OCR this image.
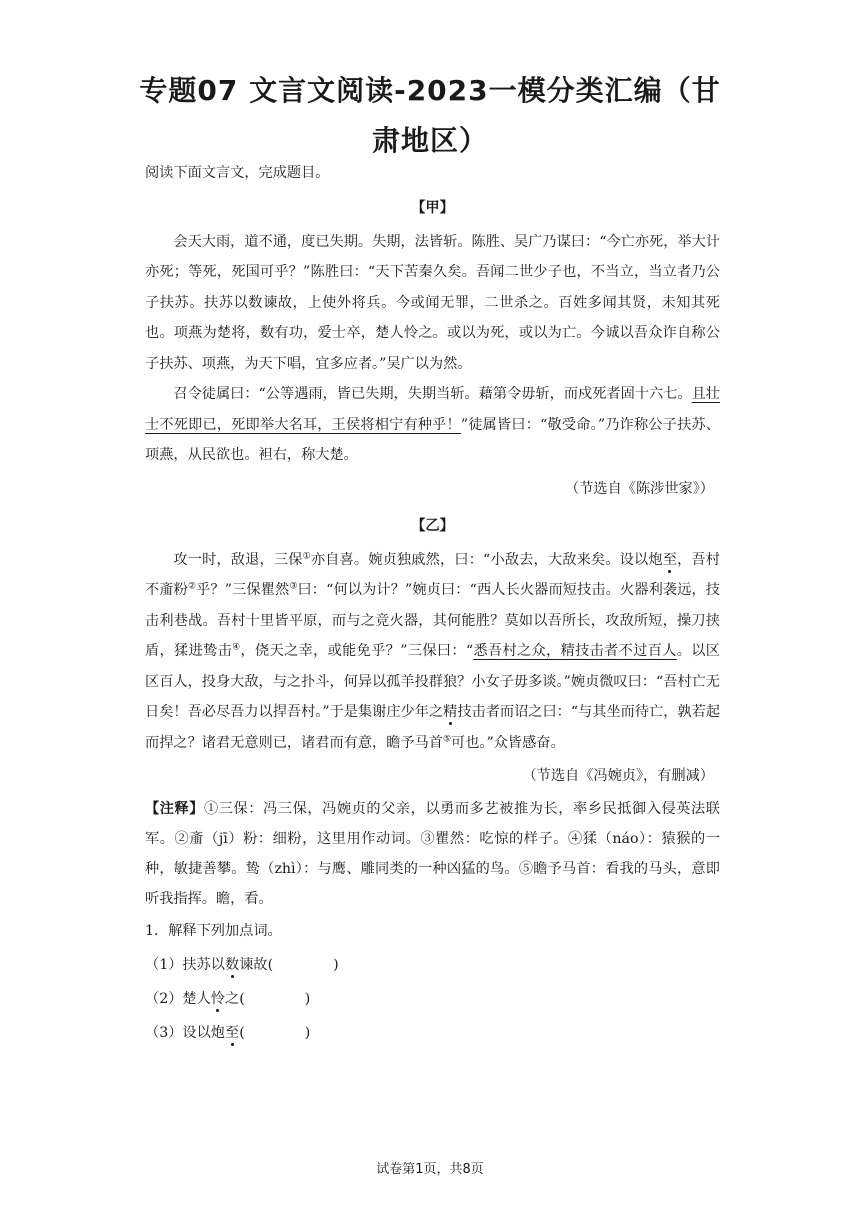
专题07 文言文阅读-2023一模分类汇编（甘肃地区）

阅读下面文言文，完成题目。

【甲】

会天大雨，道不通，度已失期。失期，法皆斩。陈胜、吴广乃谋曰：“今亡亦死，举大计亦死；等死，死国可乎？”陈胜曰：“天下苦秦久矣。吾闻二世少子也，不当立，当立者乃公子扶苏。扶苏以数谏故，上使外将兵。今或闻无罪，二世杀之。百姓多闻其贤，未知其死也。项燕为楚将，数有功，爱士卒，楚人怜之。或以为死，或以为亡。今诚以吾众诈自称公子扶苏、项燕，为天下唱，宜多应者。”吴广以为然。

召令徒属曰：“公等遇雨，皆已失期，失期当斩。藉第令毋斩，而戍死者固十六七。且壮士不死即已，死即举大名耳，王侯将相宁有种乎！”徒属皆曰：“敬受命。”乃诈称公子扶苏、项燕，从民欲也。袒右，称大楚。

（节选自《陈涉世家》）

【乙】

攻一时，敌退，三保①亦自喜。婉贞独戚然，曰：“小敌去，大敌来矣。设以炮至，吾村不齑粉②乎？”三保瞿然③曰：“何以为计？”婉贞曰：“西人长火器而短技击。火器利袭远，技击利巷战。吾村十里皆平原，而与之竞火器，其何能胜？莫如以吾所长，攻敌所短，操刀挟盾，猱进鸷击④，侥天之幸，或能免乎？”三保曰：“悉吾村之众，精技击者不过百人。以区区百人，投身大敌，与之扑斗，何异以孤羊投群狼？小女子毋多谈。”婉贞微叹曰：“吾村亡无日矣！吾必尽吾力以捍吾村。”于是集谢庄少年之精技击者而诏之曰：“与其坐而待亡，孰若起而捍之？诸君无意则已，诸君而有意，瞻予马首⑤可也。”众皆感奋。

（节选自《冯婉贞》，有删减）

【注释】①三保：冯三保，冯婉贞的父亲，以勇而多艺被推为长，率乡民抵御入侵英法联军。②齑（jī）粉：细粉，这里用作动词。③瞿然：吃惊的样子。④猱（náo）：猿猴的一种，敏捷善攀。鸷（zhì）：与鹰、雕同类的一种凶猛的鸟。⑤瞻予马首：看我的马头，意即听我指挥。瞻，看。

1．解释下列加点词。

（1）扶苏以数谏故(	)

（2）楚人怜之(	)

（3）设以炮至(	)

试卷第1页，共8页
